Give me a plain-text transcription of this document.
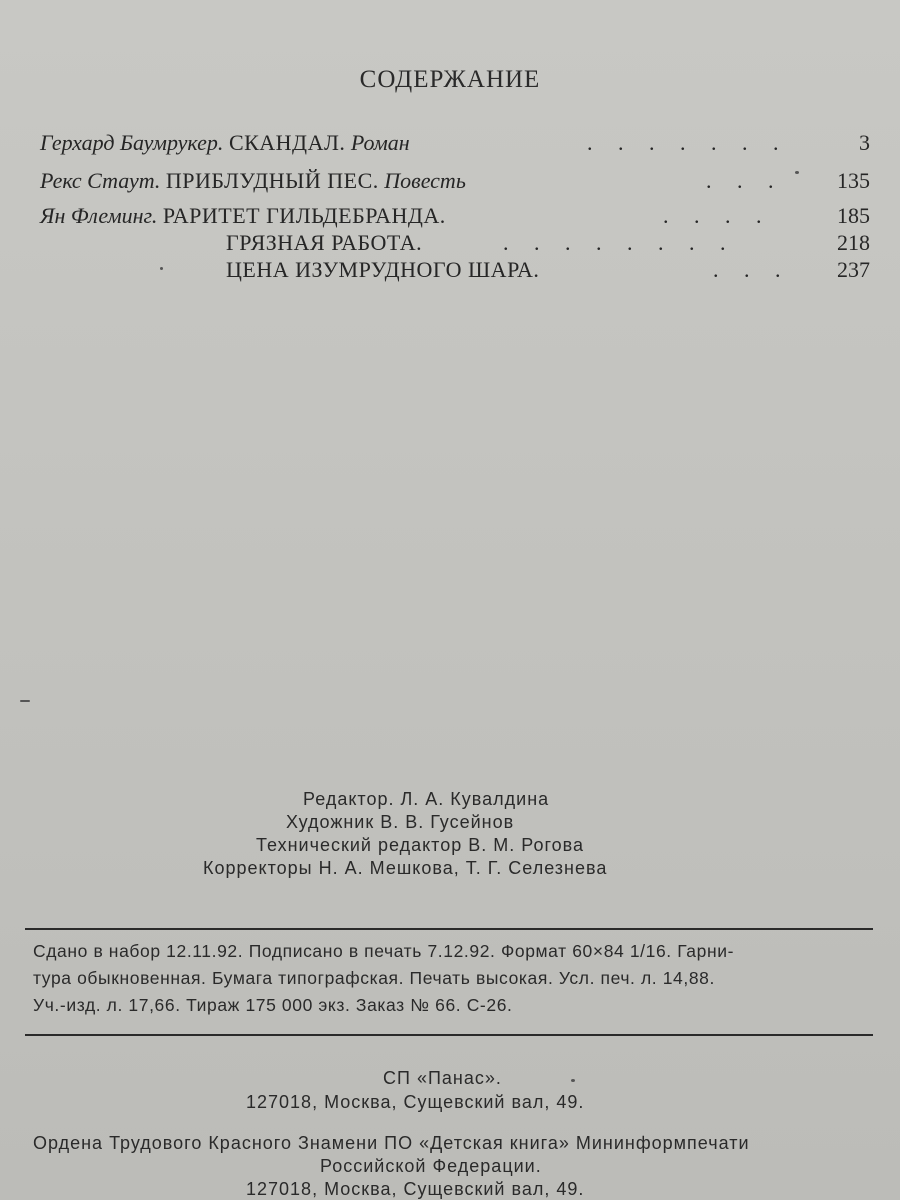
СОДЕРЖАНИЕ
Герхард Баумрукер. СКАНДАЛ. Роман	. . . . . . .	3
Рекс Стаут. ПРИБЛУДНЫЙ ПЕС. Повесть	. . . 135
Ян Флеминг. РАРИТЕТ ГИЛЬДЕБРАНДА.	. . . .	185
ГРЯЗНАЯ РАБОТА.	. . . . . . . .	218
ЦЕНА ИЗУМРУДНОГО ШАРА.	. . . 237
Редактор. Л. А. Кувалдина
Художник В. В. Гусейнов
Технический редактор В. М. Рогова
Корректоры Н. А. Мешкова, Т. Г. Селезнева
Сдано в набор 12.11.92. Подписано в печать 7.12.92. Формат 60×84 1/16. Гарни-
тура обыкновенная. Бумага типографская. Печать высокая. Усл. печ. л. 14,88.
Уч.-изд. л. 17,66. Тираж 175 000 экз. Заказ № 66. С-26.
СП «Панас».
127018, Москва, Сущевский вал, 49.
Ордена Трудового Красного Знамени ПО «Детская книга» Мининформпечати
Российской Федерации.
127018, Москва, Сущевский вал, 49.
